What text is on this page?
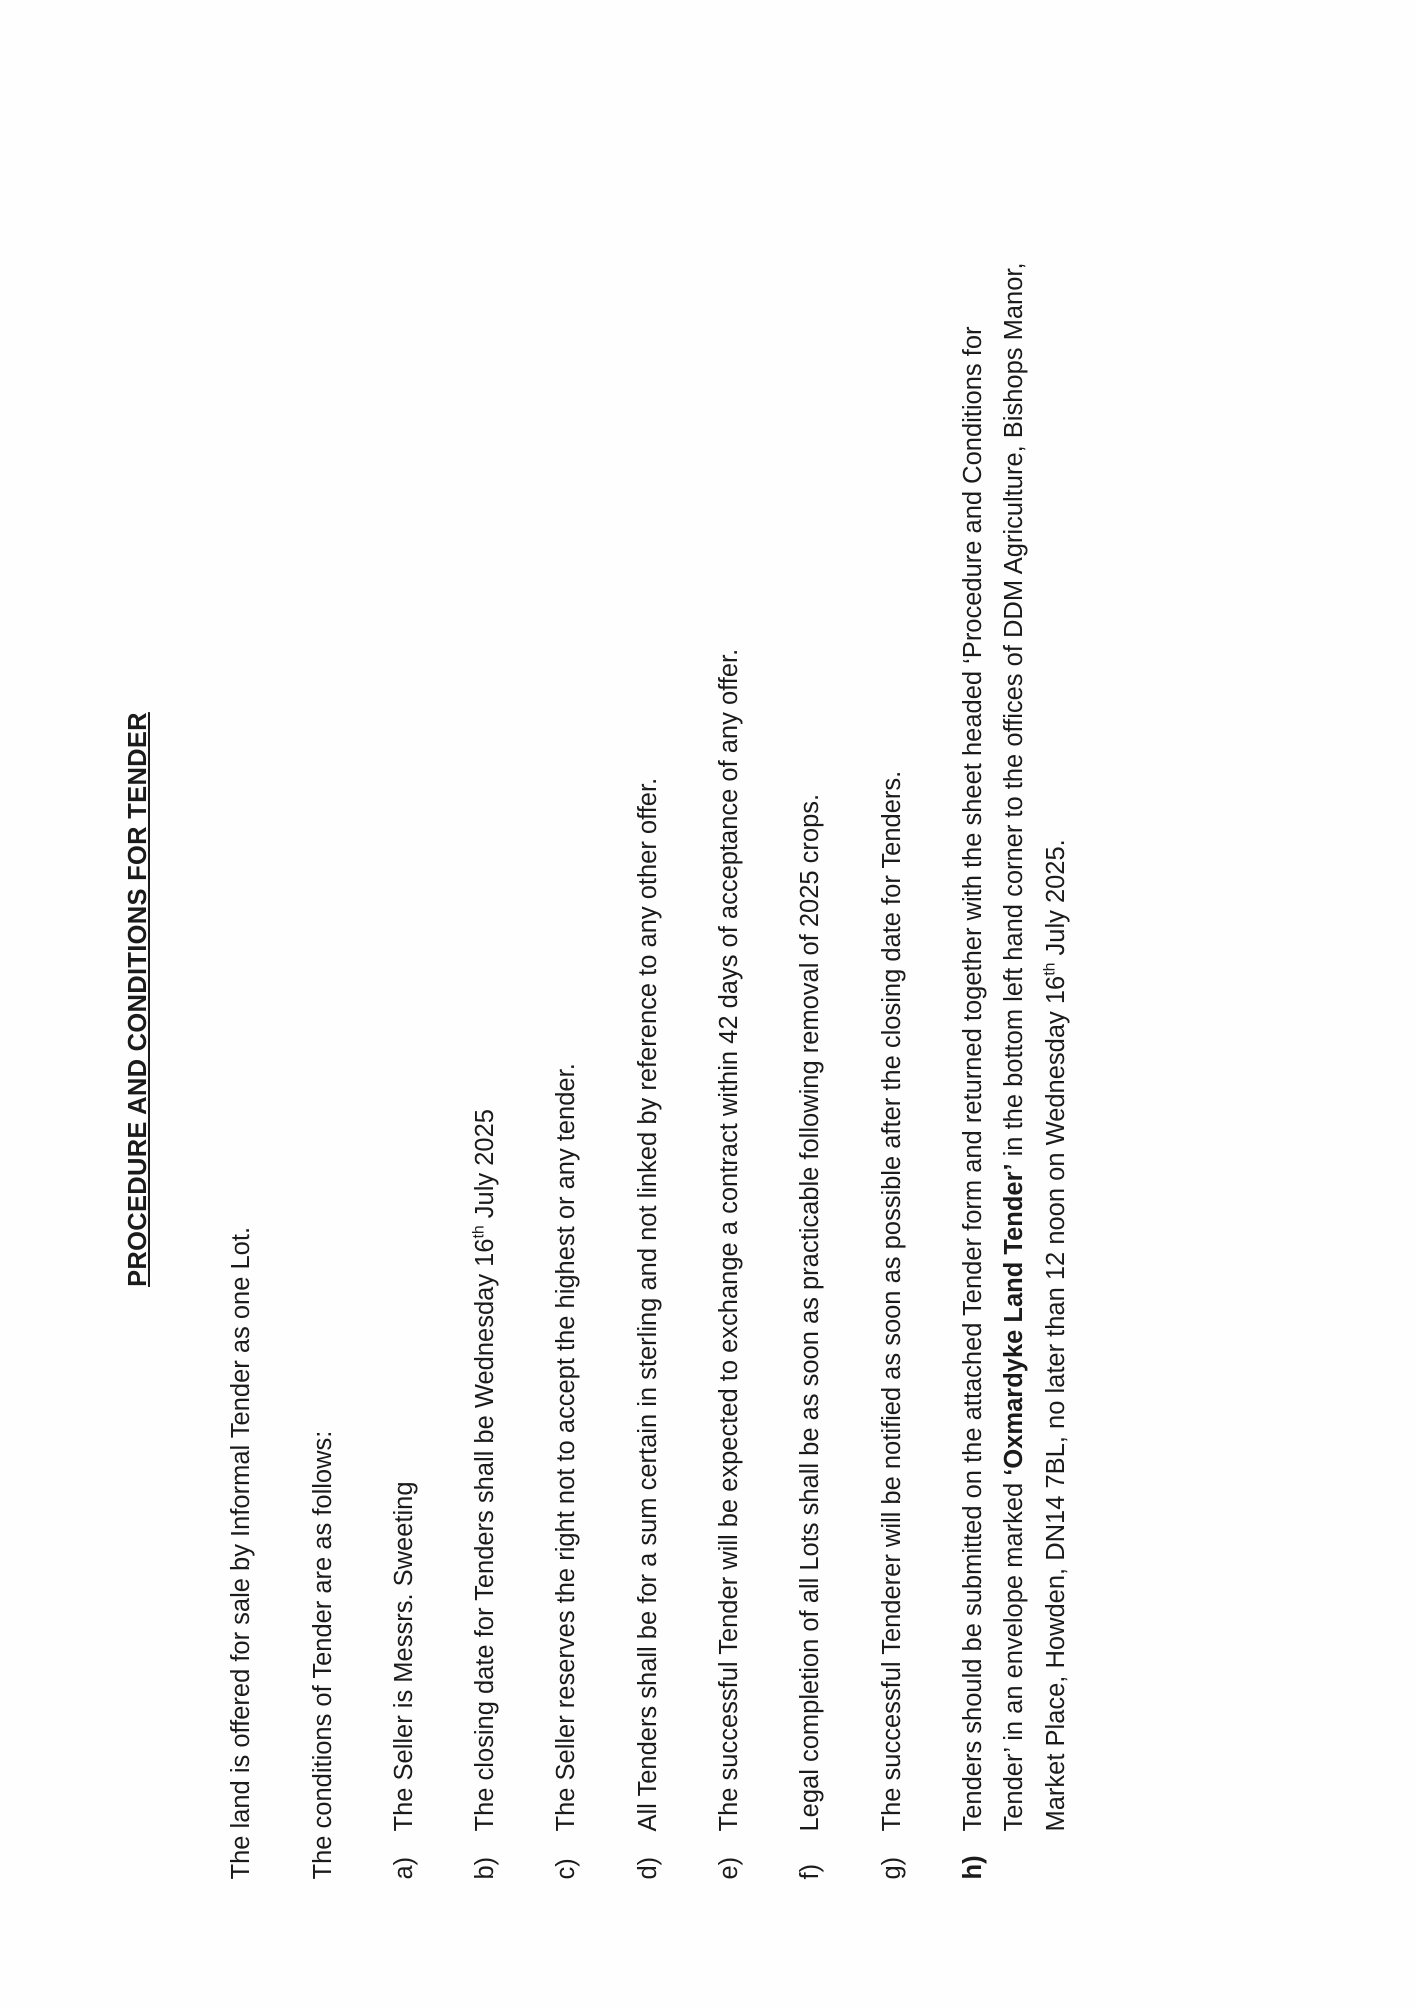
PROCEDURE AND CONDITIONS FOR TENDER

The land is offered for sale by Informal Tender as one Lot. The conditions of Tender are as follows: a)
The Seller is Messrs. Sweeting
b)
The closing date for Tenders shall be Wednesday 16th July 2025
c)
The Seller reserves the right not to accept the highest or any tender.
d)
All Tenders shall be for a sum certain in sterling and not linked by reference to any other offer.
e)
The successful Tender will be expected to exchange a contract within 42 days of acceptance of any offer.
f)
Legal completion of all Lots shall be as soon as practicable following removal of 2025 crops.
g)
The successful Tenderer will be notified as soon as possible after the closing date for Tenders.
h)
Tenders should be submitted on the attached Tender form and returned together with the sheet headed ‘Procedure and Conditions for Tender’ in an envelope marked ‘Oxmardyke Land Tender’ in the bottom left hand corner to the offices of DDM Agriculture, Bishops Manor, Market Place, Howden, DN14 7BL, no later than 12 noon on Wednesday 16th July 2025.
